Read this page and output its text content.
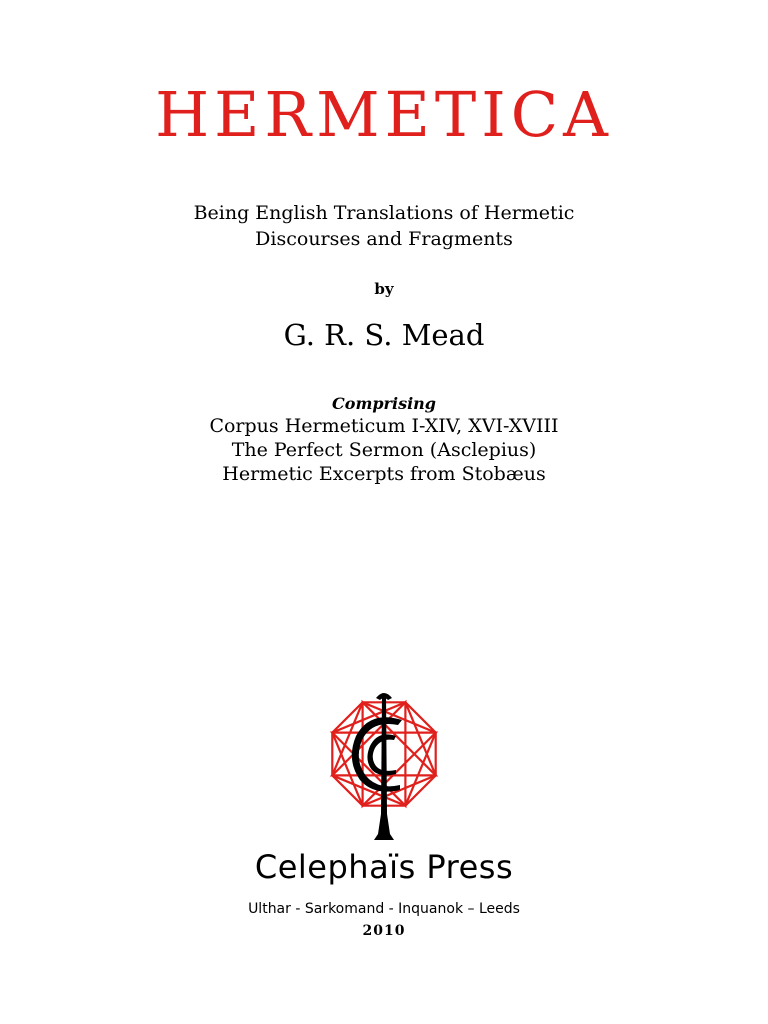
HERMETICA
Being English Translations of Hermetic
Discourses and Fragments
by
G. R. S. Mead
Comprising
Corpus Hermeticum I-XIV, XVI-XVIII
The Perfect Sermon (Asclepius)
Hermetic Excerpts from Stobæus
Celephaïs Press
Ulthar - Sarkomand - Inquanok – Leeds
2010
